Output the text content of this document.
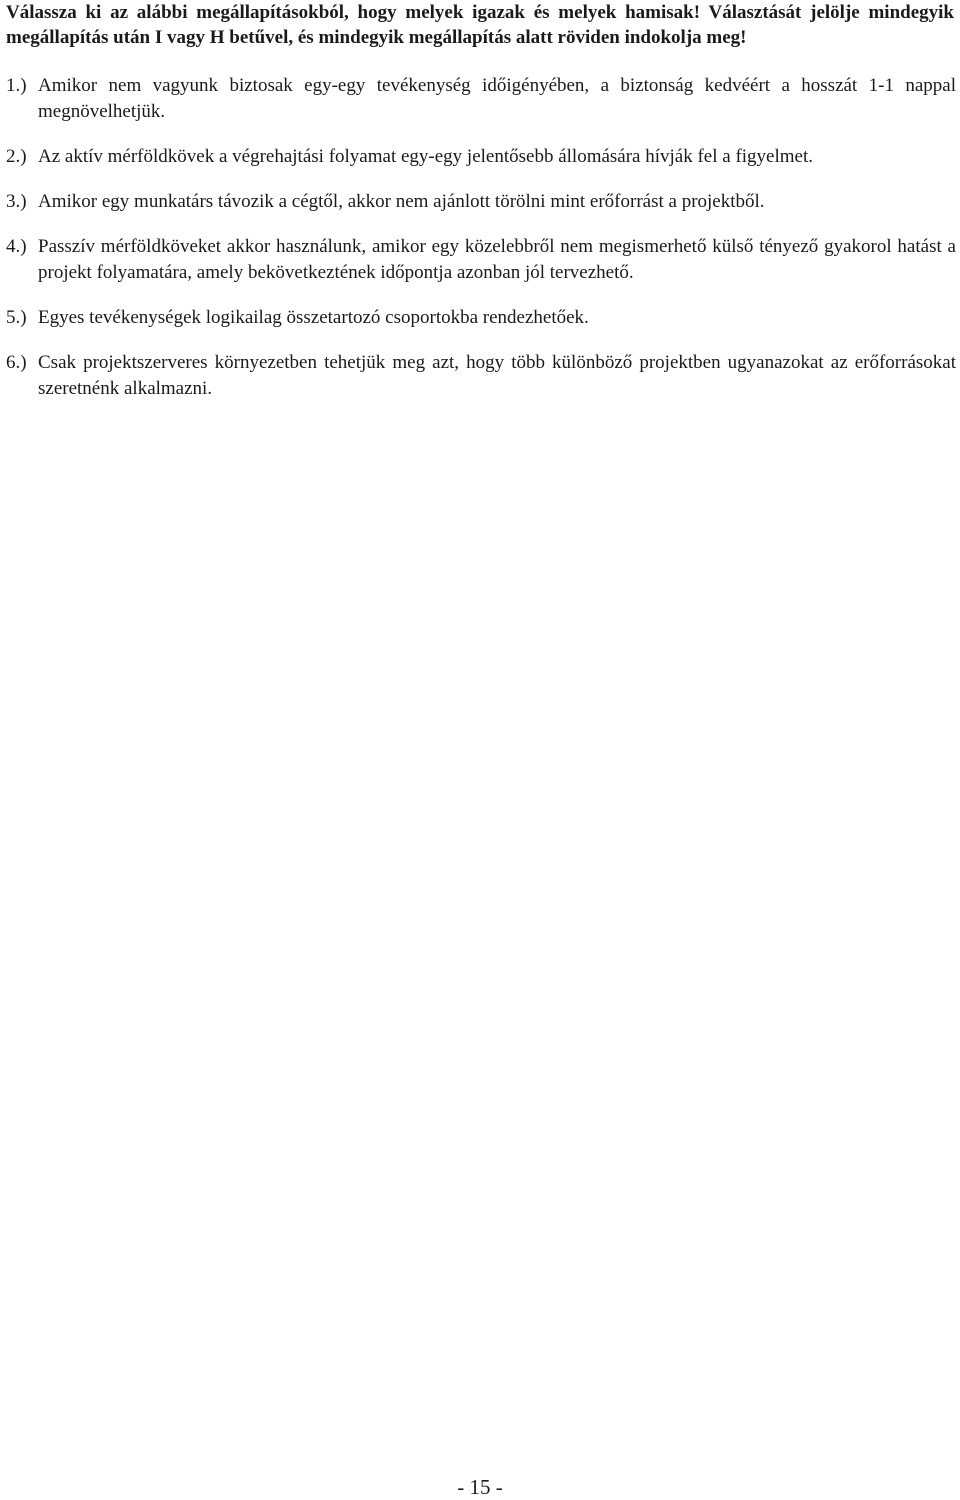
Válassza ki az alábbi megállapításokból, hogy melyek igazak és melyek hamisak! Választását jelölje mindegyik megállapítás után I vagy H betűvel, és mindegyik megállapítás alatt röviden indokolja meg!

1.) Amikor nem vagyunk biztosak egy-egy tevékenység időigényében, a biztonság kedvéért a hosszát 1-1 nappal megnövelhetjük.
2.) Az aktív mérföldkövek a végrehajtási folyamat egy-egy jelentősebb állomására hívják fel a figyelmet.
3.) Amikor egy munkatárs távozik a cégtől, akkor nem ajánlott törölni mint erőforrást a projektből.
4.) Passzív mérföldköveket akkor használunk, amikor egy közelebbről nem megismerhető külső tényező gyakorol hatást a projekt folyamatára, amely bekövetkeztének időpontja azonban jól tervezhető.
5.) Egyes tevékenységek logikailag összetartozó csoportokba rendezhetőek.
6.) Csak projektszerveres környezetben tehetjük meg azt, hogy több különböző projektben ugyanazokat az erőforrásokat szeretnénk alkalmazni.
- 15 -
